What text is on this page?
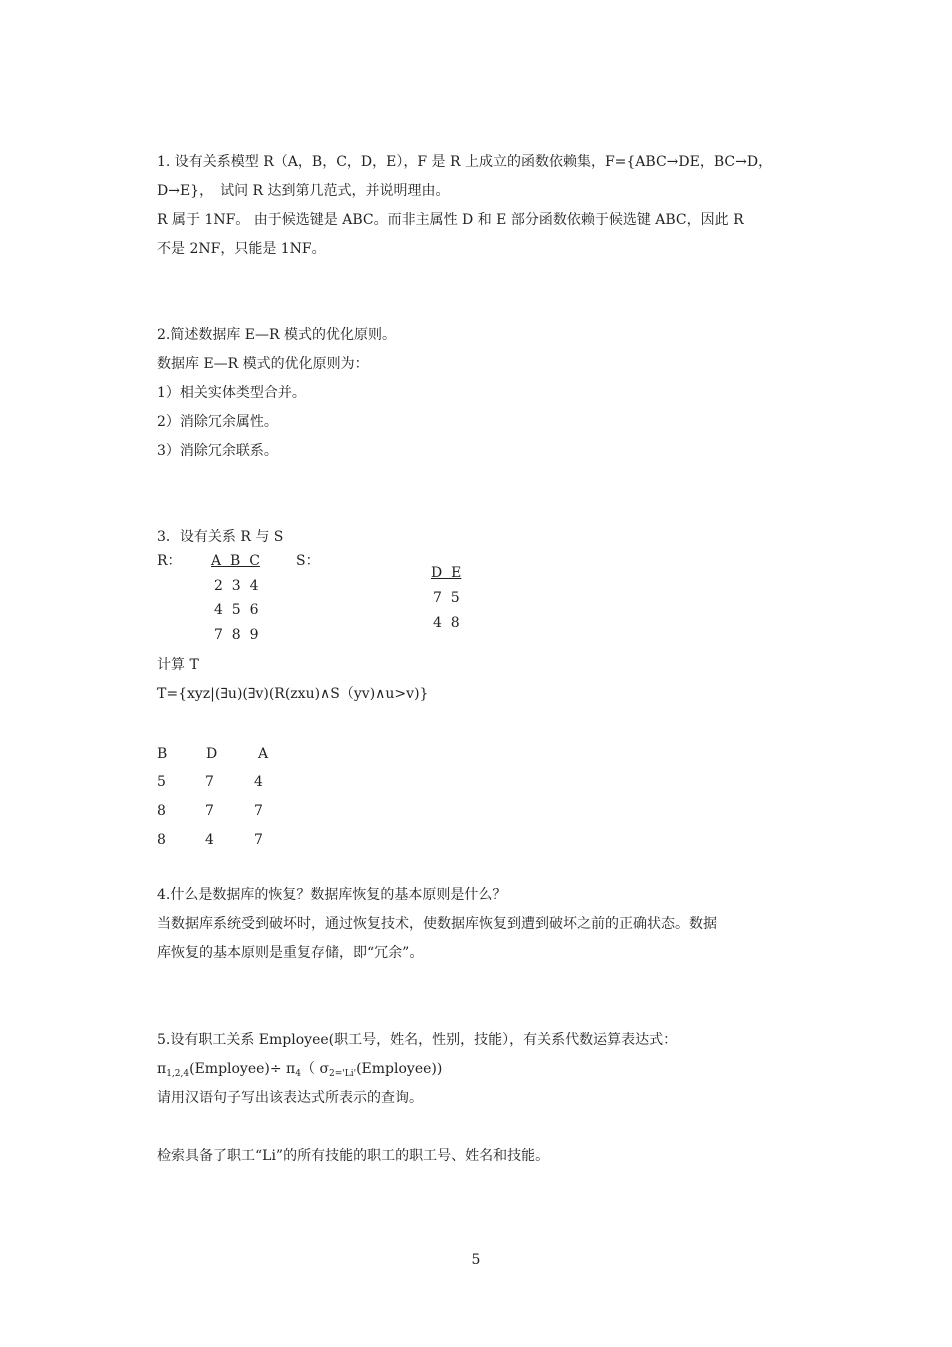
1. 设有关系模型 R（A，B，C，D，E），F 是 R 上成立的函数依赖集，F={ABC→DE，BC→D，
D→E}，　试问 R 达到第几范式，并说明理由。
R 属于 1NF。 由于候选键是 ABC。而非主属性 D 和 E 部分函数依赖于候选键 ABC，因此 R
不是 2NF，只能是 1NF。
2.简述数据库 E—R 模式的优化原则。
数据库 E—R 模式的优化原则为：
1）相关实体类型合并。
2）消除冗余属性。
3）消除冗余联系。
3．设有关系 R 与 S
R： A  B  C	S：
2  3  4
4  5  6
7  8  9
D  E
7  5
4  8
计算 T
T={xyz|(∃u)(∃v)(R(zxu)∧S（yv)∧u>v)}
B	D	A

5	7	4
8	7	7
8	4	7
4.什么是数据库的恢复？数据库恢复的基本原则是什么？
当数据库系统受到破坏时，通过恢复技术，使数据库恢复到遭到破坏之前的正确状态。数据
库恢复的基本原则是重复存储，即“冗余”。
5.设有职工关系 Employee(职工号，姓名，性别，技能），有关系代数运算表达式：
$\pi_{1,2,4}(Employee)\div \pi_4$（ $\sigma_{2='Li'}(Employee)$)
请用汉语句子写出该表达式所表示的查询。
检索具备了职工“Li”的所有技能的职工的职工号、姓名和技能。
5
